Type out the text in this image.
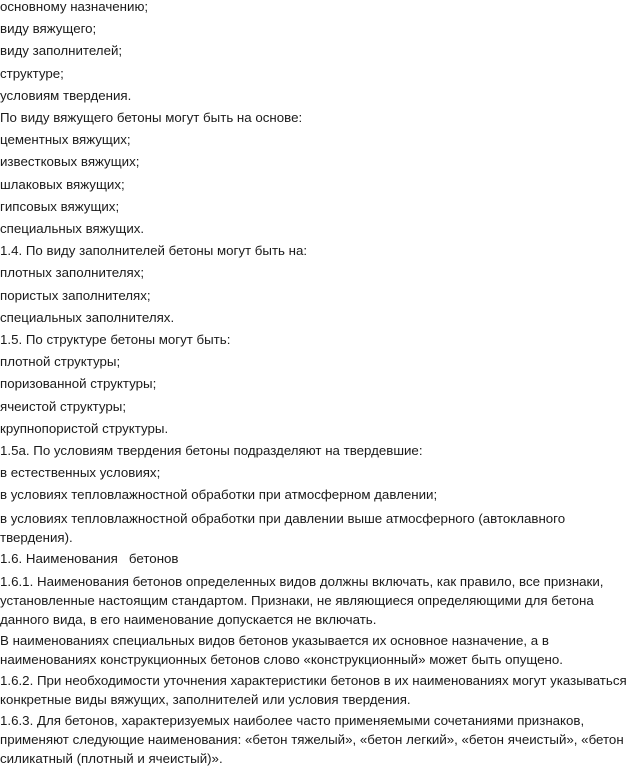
основному назначению;

виду вяжущего;

виду заполнителей;

структуре;

условиям твердения.

По виду вяжущего бетоны могут быть на основе:

цементных вяжущих;

известковых вяжущих;

шлаковых вяжущих;

гипсовых вяжущих;

специальных вяжущих.

1.4. По виду заполнителей бетоны могут быть на:

плотных заполнителях;

пористых заполнителях;

специальных заполнителях.

1.5. По структуре бетоны могут быть:

плотной структуры;

поризованной структуры;

ячеистой структуры;

крупнопористой структуры.

1.5а. По условиям твердения бетоны подразделяют на твердевшие:

в естественных условиях;

в условиях тепловлажностной обработки при атмосферном давлении;

в условиях тепловлажностной обработки при давлении выше атмосферного (автоклавного твердения).

1.6. Наименования   бетонов

1.6.1. Наименования бетонов определенных видов должны включать, как правило, все признаки, установленные настоящим стандартом. Признаки, не являющиеся определяющими для бетона данного вида, в его наименование допускается не включать.

В наименованиях специальных видов бетонов указывается их основное назначение, а в наименованиях конструкционных бетонов слово «конструкционный» может быть опущено.

1.6.2. При необходимости уточнения характеристики бетонов в их наименованиях могут указываться конкретные виды вяжущих, заполнителей или условия твердения.

1.6.3. Для бетонов, характеризуемых наиболее часто применяемыми сочетаниями признаков, применяют следующие наименования: «бетон тяжелый», «бетон легкий», «бетон ячеистый», «бетон силикатный (плотный и ячеистый)».
